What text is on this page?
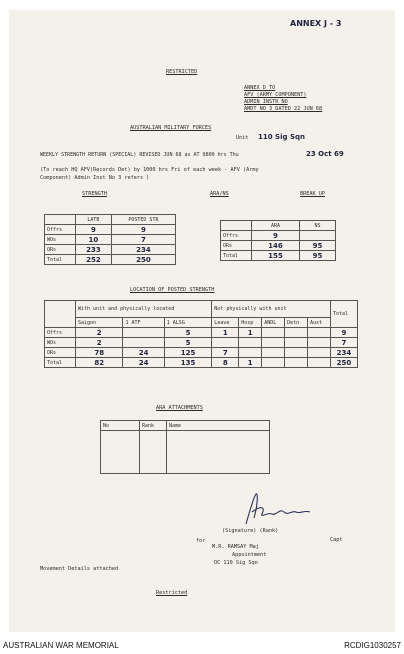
ANNEX J - 3
RESTRICTED
ANNEX D TO
AFV (ARMY COMPONENT)
ADMIN INSTR NO
AMDT NO 3 DATED 22 JUN 68
AUSTRALIAN MILITARY FORCES
Unit 110 Sig Sqn
WEEKLY STRENGTH RETURN (SPECIAL) REVISED JUN 68 as AT 0800 hrs Thu	23 Oct 69
(To reach HQ AFV(Records Det) by 1000 hrs Fri of each week - AFV (Army
Component) Admin Inst No 3 refers )
STRENGTH
	LATB	POSTED STR
Offrs	9	9
WOs	10	7
ORs	233	234
Total	252	250
ARA/NS	BREAK UP
	ARA	NS
Offrs	9	
ORs	146	95
Total	155	95
LOCATION OF POSTED STRENGTH
	With unit and physically located			Not physically with unit					Total
	Saigon	1 ATF	1 ALSG	Leave	Hosp	ANDL	Detn	Aust	
Offrs	2		5	1	1				9
WOs	2		5						7
ORs	78	24	125	7					234
Total	82	24	135	8	1				250
ARA ATTACHMENTS
No	Rank	Name

(Signature) (Rank)
Capt
for
M.R. RAMSAY Maj
Appointment
OC 110 Sig Sqn
Movement Details attached
Restricted
AUSTRALIAN WAR MEMORIAL	RCDIG1030257
